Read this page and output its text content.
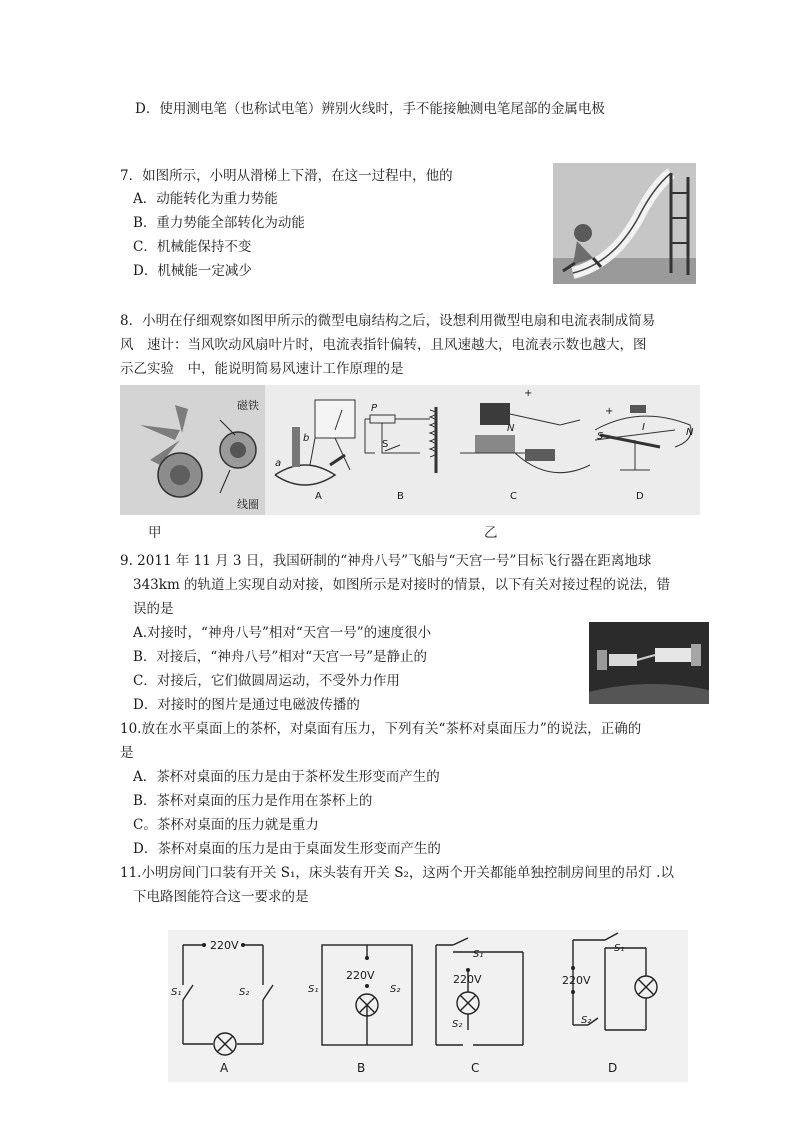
D．使用测电笔（也称试电笔）辨别火线时，手不能接触测电笔尾部的金属电极
7．如图所示，小明从滑梯上下滑，在这一过程中，他的
A．动能转化为重力势能
B．重力势能全部转化为动能
C．机械能保持不变
D．机械能一定减少
8．小明在仔细观察如图甲所示的微型电扇结构之后，设想利用微型电扇和电流表制成简易
风　速计：当风吹动风扇叶片时，电流表指针偏转，且风速越大，电流表示数也越大，图
示乙实验　中，能说明简易风速计工作原理的是
磁铁
线圈
a
b
P
S
N
+
+
I
S	N
A	B	C	D
甲	乙
9. 2011 年 11 月 3 日，我国研制的“神舟八号”飞船与“天宫一号”目标飞行器在距离地球
343km 的轨道上实现自动对接，如图所示是对接时的情景，以下有关对接过程的说法，错
误的是
A.对接时，“神舟八号”相对“天宫一号”的速度很小
B．对接后，“神舟八号”相对“天宫一号”是静止的
C．对接后，它们做圆周运动，不受外力作用
D．对接时的图片是通过电磁波传播的
10.放在水平桌面上的茶杯，对桌面有压力，下列有关“茶杯对桌面压力”的说法，正确的
是
A．茶杯对桌面的压力是由于茶杯发生形变而产生的
B．茶杯对桌面的压力是作用在茶杯上的
C。茶杯对桌面的压力就是重力
D．茶杯对桌面的压力是由于桌面发生形变而产生的
11.小明房间门口装有开关 S₁，床头装有开关 S₂，这两个开关都能单独控制房间里的吊灯 .以
下电路图能符合这一要求的是
220V
220V	220V	220V
S₁	S₂	S₁	S₂
S₁
S₂
S₁
S₂
A	B	C	D
